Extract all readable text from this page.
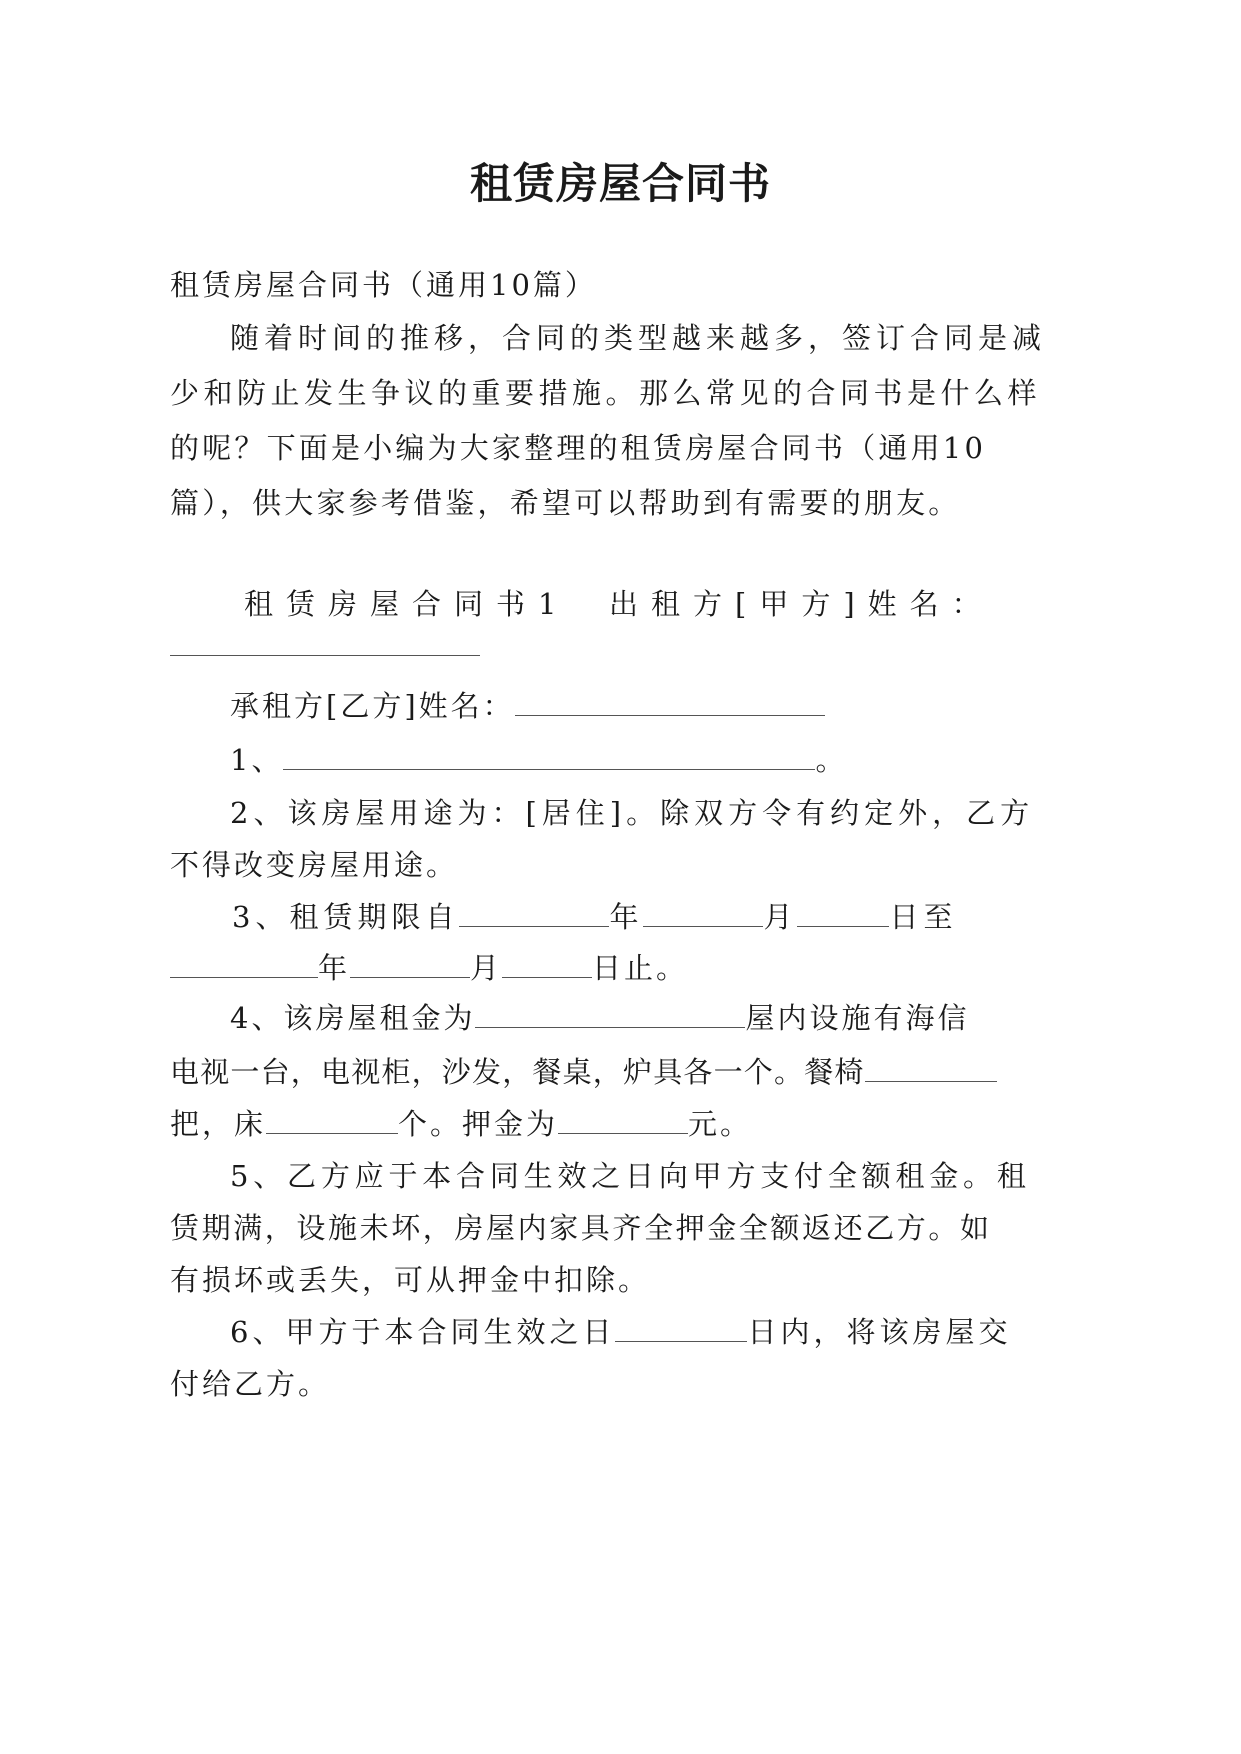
租赁房屋合同书
租赁房屋合同书（通用10篇）
随着时间的推移，合同的类型越来越多，签订合同是减
少和防止发生争议的重要措施。那么常见的合同书是什么样
的呢？下面是小编为大家整理的租赁房屋合同书（通用10
篇），供大家参考借鉴，希望可以帮助到有需要的朋友。
租赁房屋合同书1 出租方[甲方]姓名：
承租方[乙方]姓名：
1、	。
2、该房屋用途为：[居住]。除双方令有约定外，乙方
不得改变房屋用途。
3、租赁期限自	年	月	日至
年	月	日止。
4、该房屋租金为	屋内设施有海信
电视一台，电视柜，沙发，餐桌，炉具各一个。餐椅
把，床	个。押金为	元。
5、乙方应于本合同生效之日向甲方支付全额租金。租
赁期满，设施未坏，房屋内家具齐全押金全额返还乙方。如
有损坏或丢失，可从押金中扣除。
6、甲方于本合同生效之日	日内，将该房屋交
付给乙方。
